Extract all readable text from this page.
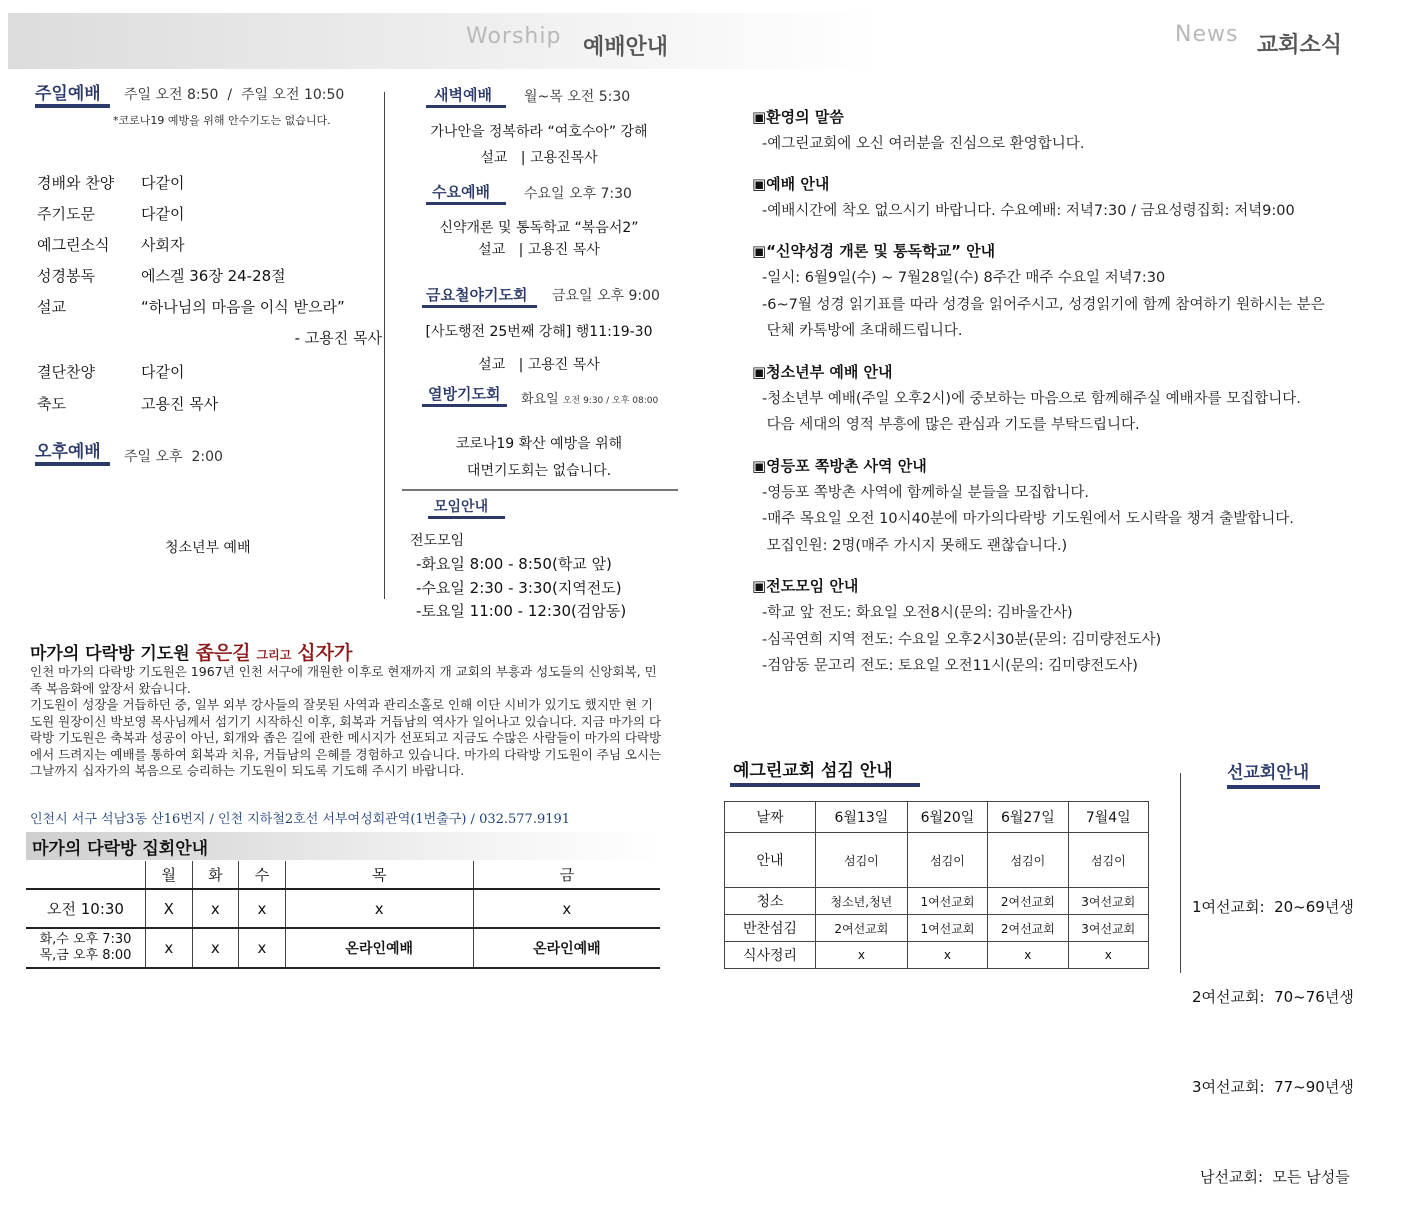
Worship 예배안내
News 교회소식
주일예배 주일 오전 8:50  /  주일 오전 10:50
*코로나19 예방을 위해 안수기도는 없습니다.
경배와 찬양 다같이
주기도문	다같이
예그린소식 사회자
성경봉독	에스겔 36장 24-28절
설교	“하나님의 마음을 이식 받으라”
- 고용진 목사
결단찬양	다같이
축도	고용진 목사
오후예배 주일 오후  2:00
청소년부 예배
새벽예배 월~목 오전 5:30
가나안을 정복하라 “여호수아” 강해
설교   | 고용진목사
수요예배 수요일 오후 7:30
신약개론 및 통독학교 “복음서2”
설교   | 고용진 목사
금요철야기도회 금요일 오후 9:00
[사도행전 25번째 강해] 행11:19-30
설교   | 고용진 목사
열방기도회 화요일 오전 9:30 / 오후 08:00
코로나19 확산 예방을 위해
대면기도회는 없습니다.
모임안내
전도모임
-화요일 8:00 - 8:50(학교 앞)
-수요일 2:30 - 3:30(지역전도)
-토요일 11:00 - 12:30(검암동)
마가의 다락방 기도원 좁은길 그리고 십자가
인천 마가의 다락방 기도원은 1967년 인천 서구에 개원한 이후로 현재까지 개 교회의 부흥과 성도들의 신앙회복, 민족 복음화에 앞장서 왔습니다.
기도원이 성장을 거듭하던 중, 일부 외부 강사들의 잘못된 사역과 관리소홀로 인해 이단 시비가 있기도 했지만 현 기도원 원장이신 박보영 목사님께서 섬기기 시작하신 이후, 회복과 거듭남의 역사가 일어나고 있습니다. 지금 마가의 다락방 기도원은 축복과 성공이 아닌, 회개와 좁은 길에 관한 메시지가 선포되고 지금도 수많은 사람들이 마가의 다락방에서 드려지는 예배를 통하여 회복과 치유, 거듭남의 은혜를 경험하고 있습니다. 마가의 다락방 기도원이 주님 오시는 그날까지 십자가의 복음으로 승리하는 기도원이 되도록 기도해 주시기 바랍니다.
인천시 서구 석남3동 산16번지 / 인천 지하철2호선 서부여성회관역(1번출구) / 032.577.9191
마가의 다락방 집회안내
	월	화	수	목	금
오전 10:30	X	x	x	x	x

화,수 오후 7:30
목,금 오후 8:00	x	x	x	온라인예배	온라인예배
▣환영의 말씀
-예그린교회에 오신 여러분을 진심으로 환영합니다.
▣예배 안내
-예배시간에 착오 없으시기 바랍니다. 수요예배: 저녁7:30 / 금요성령집회: 저녁9:00
▣“신약성경 개론 및 통독학교” 안내
-일시: 6월9일(수) ~ 7월28일(수) 8주간 매주 수요일 저녁7:30
-6~7월 성경 읽기표를 따라 성경을 읽어주시고, 성경읽기에 함께 참여하기 원하시는 분은
단체 카톡방에 초대해드립니다.
▣청소년부 예배 안내
-청소년부 예배(주일 오후2시)에 중보하는 마음으로 함께해주실 예배자를 모집합니다.
다음 세대의 영적 부흥에 많은 관심과 기도를 부탁드립니다.
▣영등포 쪽방촌 사역 안내
-영등포 쪽방촌 사역에 함께하실 분들을 모집합니다.
-매주 목요일 오전 10시40분에 마가의다락방 기도원에서 도시락을 챙겨 출발합니다.
모집인원: 2명(매주 가시지 못해도 괜찮습니다.)
▣전도모임 안내
-학교 앞 전도: 화요일 오전8시(문의: 김바울간사)
-심곡연희 지역 전도: 수요일 오후2시30분(문의: 김미량전도사)
-검암동 문고리 전도: 토요일 오전11시(문의: 김미량전도사)
예그린교회 섬김 안내
날짜	6월13일	6월20일	6월27일	7월4일
안내	섬김이	섬김이	섬김이	섬김이
청소	청소년,청년	1여선교회	2여선교회	3여선교회
반찬섬김	2여선교회	1여선교회	2여선교회	3여선교회
식사정리	x	x	x	x
선교회안내

1여선교회:  20~69년생

2여선교회:  70~76년생

3여선교회:  77~90년생

남선교회:  모든 남성들
